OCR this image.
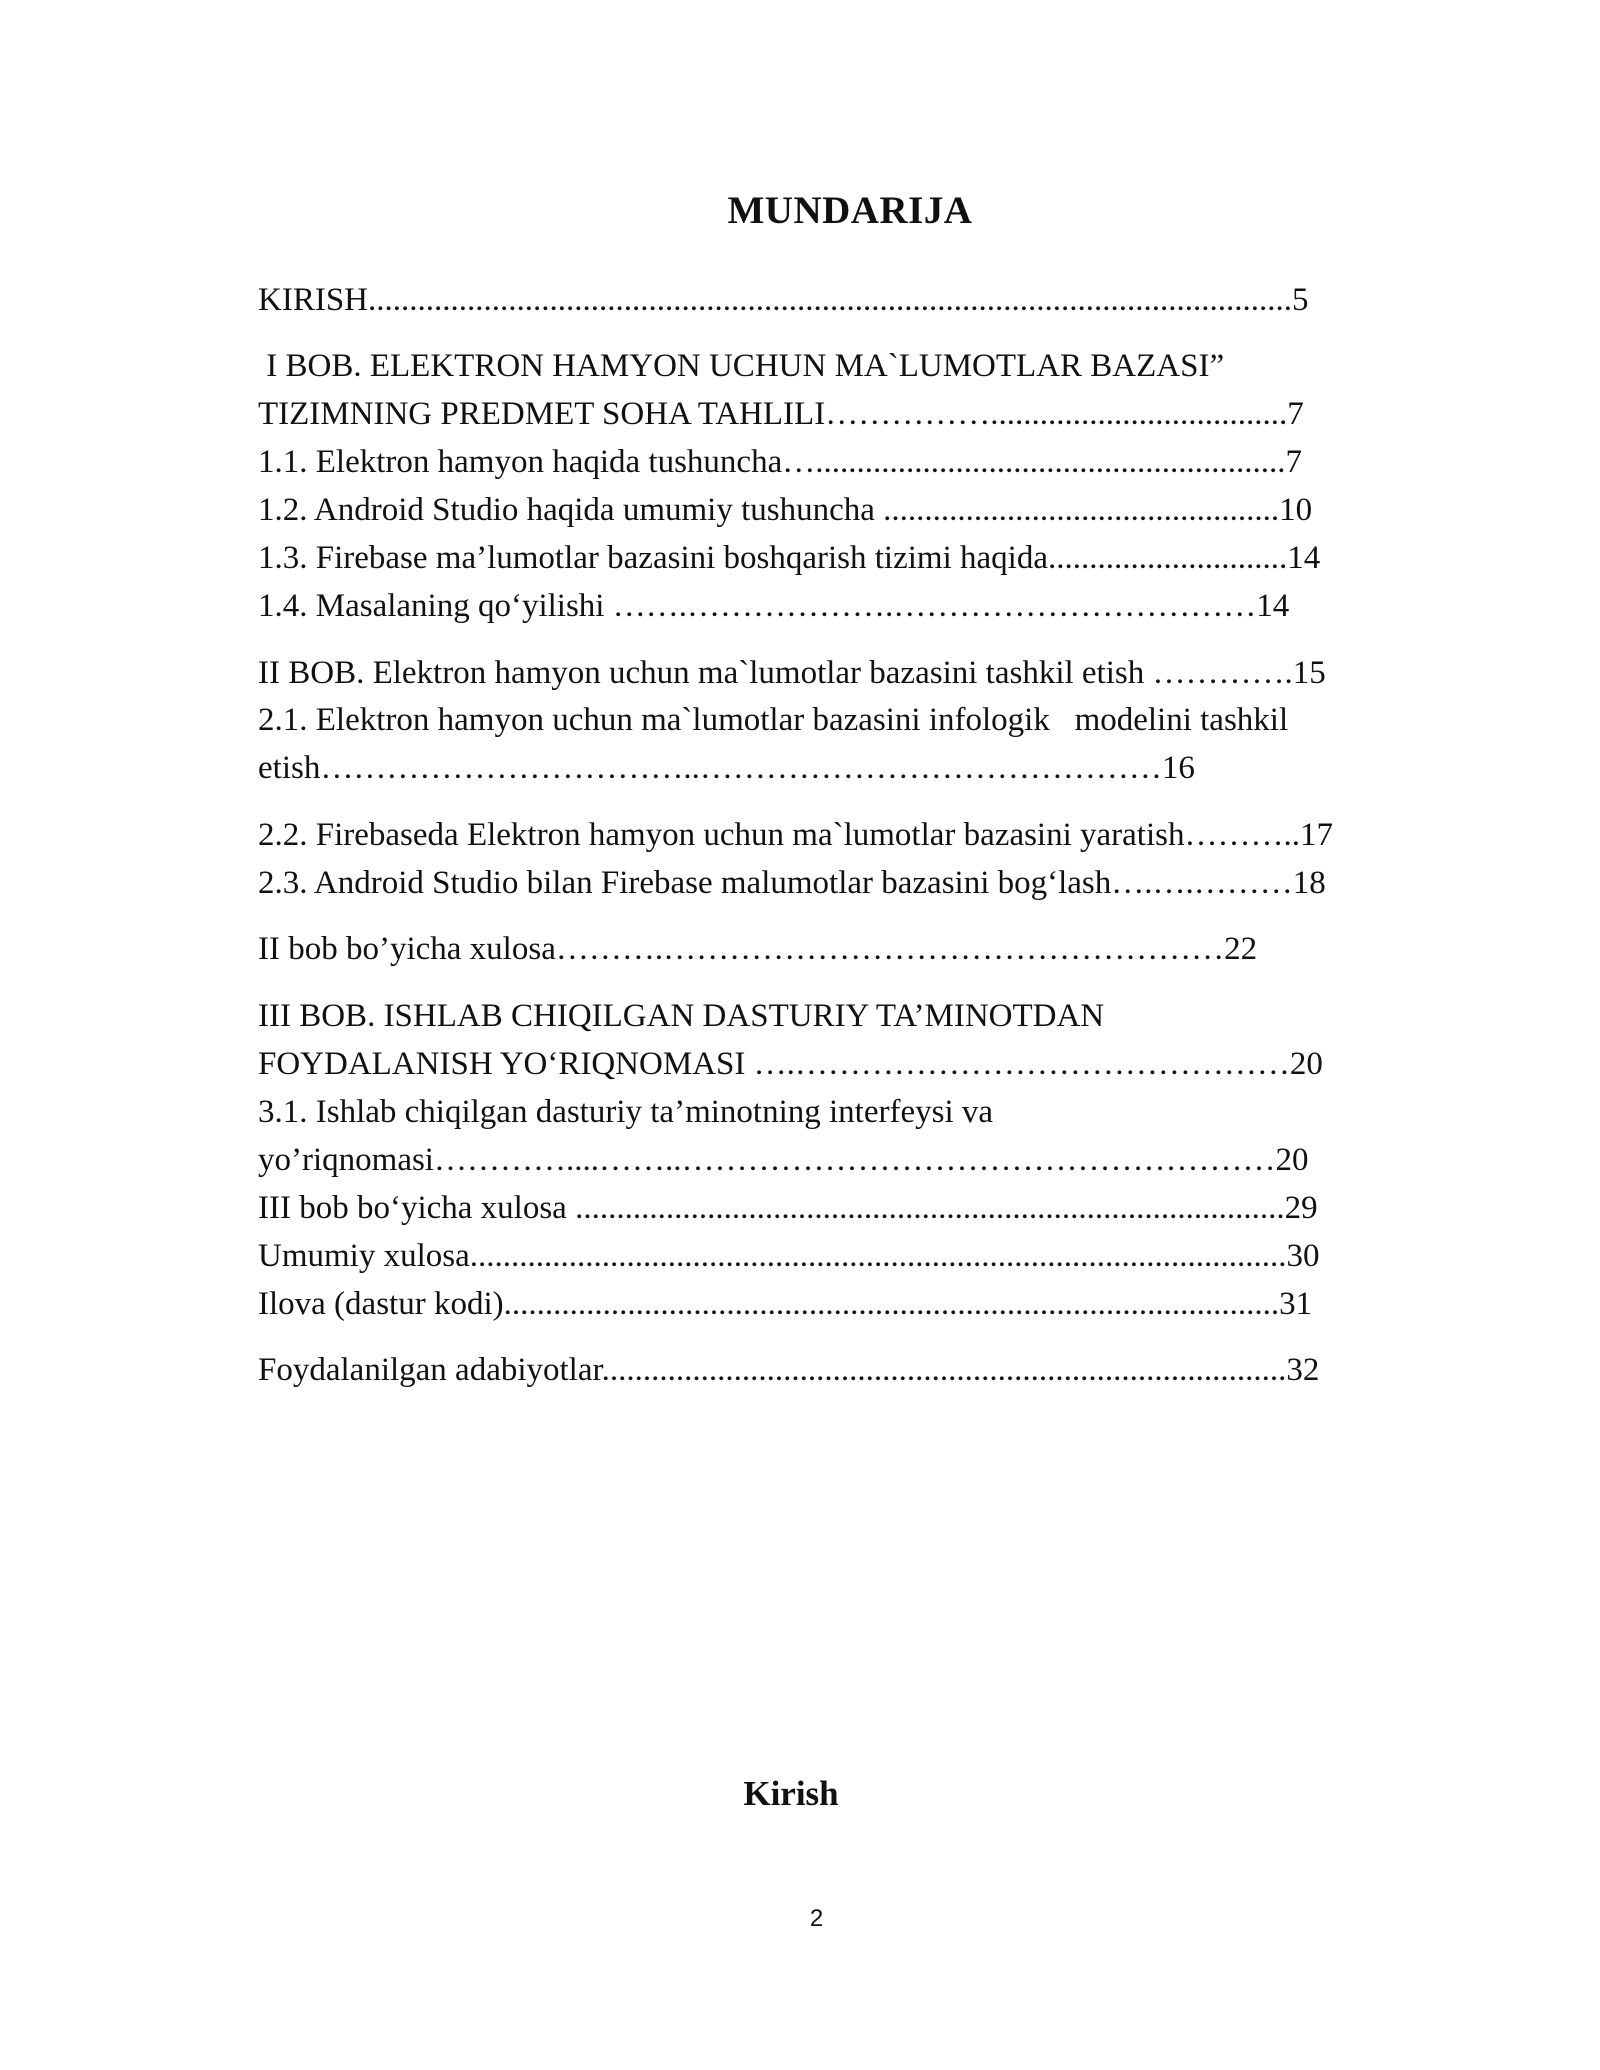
MUNDARIJA
KIRISH................................................................................................................5
I BOB. ELEKTRON HAMYON UCHUN MA`LUMOTLAR BAZASI”
TIZIMNING PREDMET SOHA TAHLILI……………....................................7
1.1. Elektron hamyon haqida tushuncha….........................................................7
1.2. Android Studio haqida umumiy tushuncha ................................................10
1.3. Firebase ma’lumotlar bazasini boshqarish tizimi haqida.............................14
1.4. Masalaning qo‘yilishi …….……………….……………………………14
II BOB. Elektron hamyon uchun ma`lumotlar bazasini tashkil etish ………….15
2.1. Elektron hamyon uchun ma`lumotlar bazasini infologik   modelini tashkil
etish……………………………..……………………………………16
2.2. Firebaseda Elektron hamyon uchun ma`lumotlar bazasini yaratish………..17
2.3. Android Studio bilan Firebase malumotlar bazasini bog‘lash….….………18
II bob bo’yicha xulosa……….……………………………………………22
III BOB. ISHLAB CHIQILGAN DASTURIY TA’MINOTDAN
FOYDALANISH YO‘RIQNOMASI ….………………………………………20
3.1. Ishlab chiqilgan dasturiy ta’minotning interfeysi va
yo’riqnomasi…………....……..………………………………………………20
III bob bo‘yicha xulosa ......................................................................................29
Umumiy xulosa...................................................................................................30
Ilova (dastur kodi)..............................................................................................31
Foydalanilgan adabiyotlar...................................................................................32
Kirish
2
